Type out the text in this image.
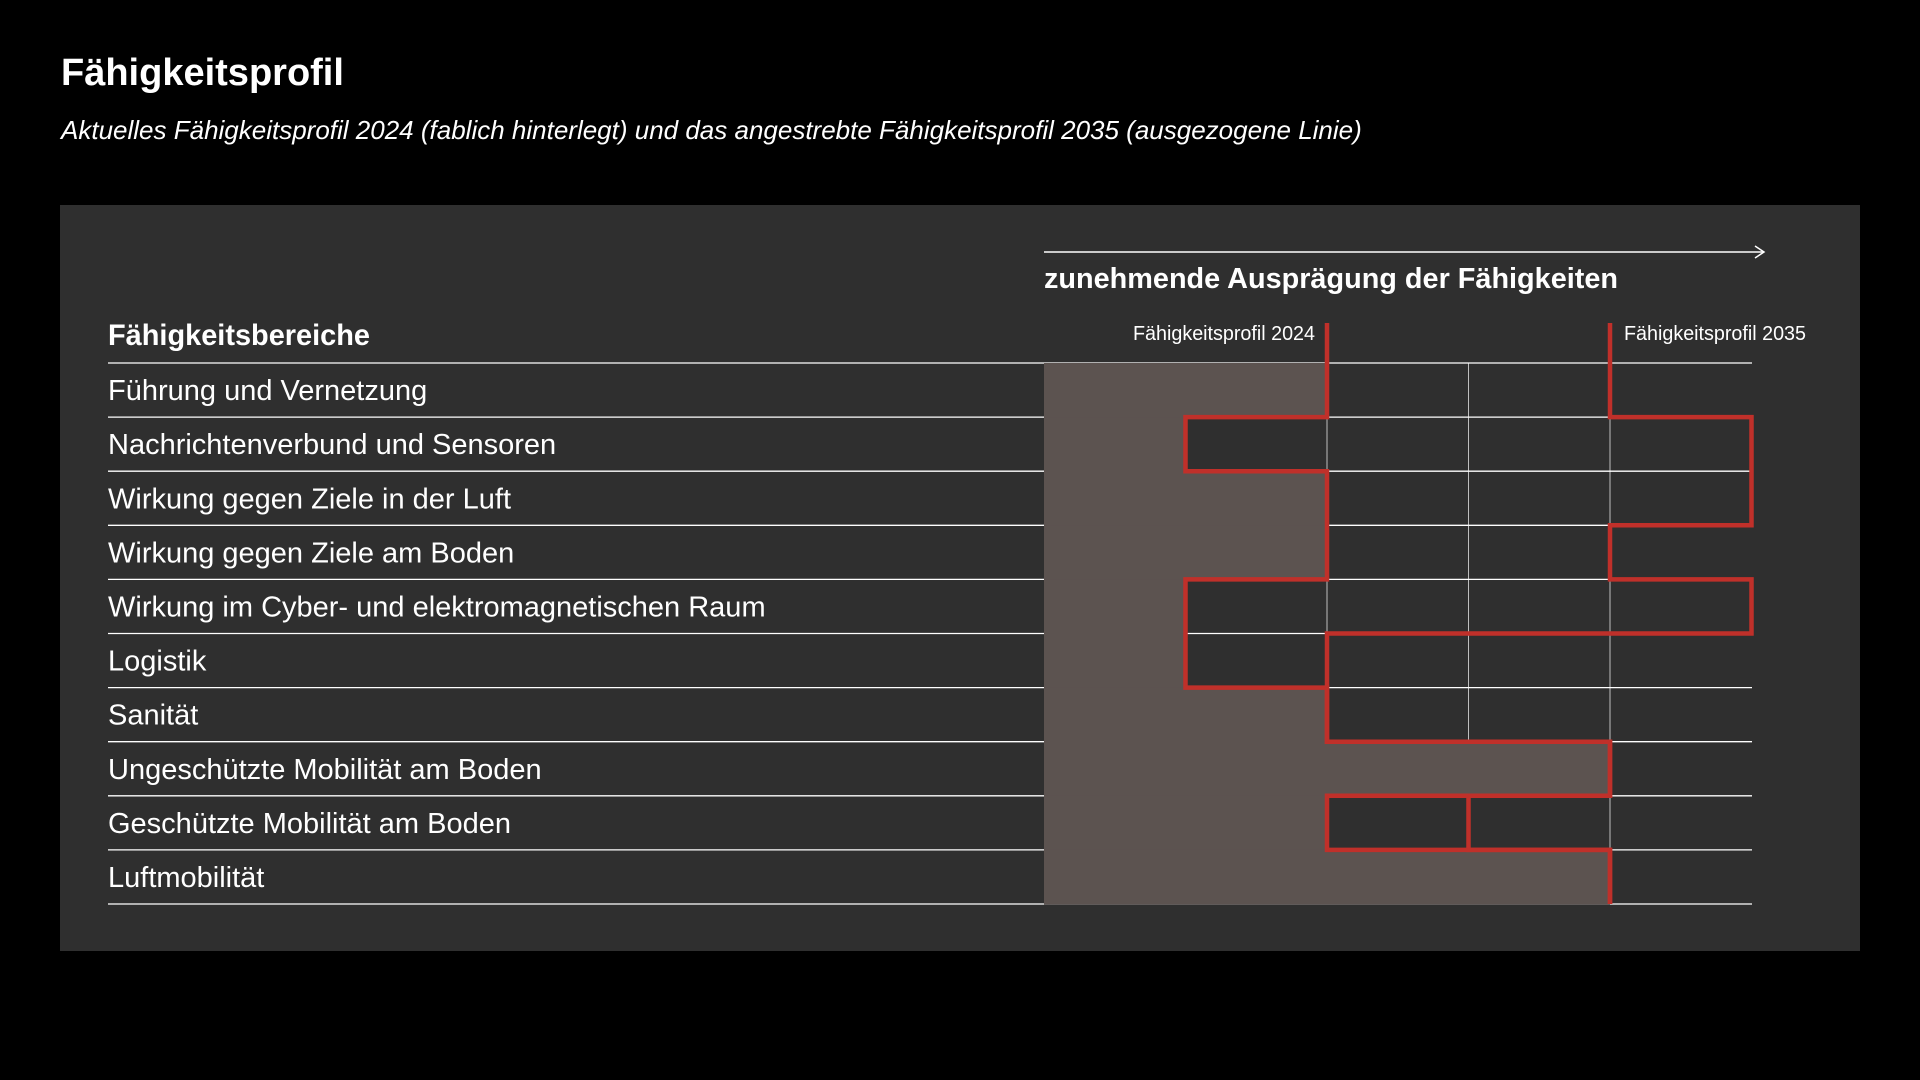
Fähigkeitsprofil
Aktuelles Fähigkeitsprofil 2024 (fablich hinterlegt) und das angestrebte Fähigkeitsprofil 2035 (ausgezogene Linie)
zunehmende Ausprägung der Fähigkeiten
Fähigkeitsbereiche	Fähigkeitsprofil 2024	Fähigkeitsprofil 2035
Führung und Vernetzung
Nachrichtenverbund und Sensoren
Wirkung gegen Ziele in der Luft
Wirkung gegen Ziele am Boden
Wirkung im Cyber- und elektromagnetischen Raum
Logistik
Sanität
Ungeschützte Mobilität am Boden
Geschützte Mobilität am Boden
Luftmobilität
